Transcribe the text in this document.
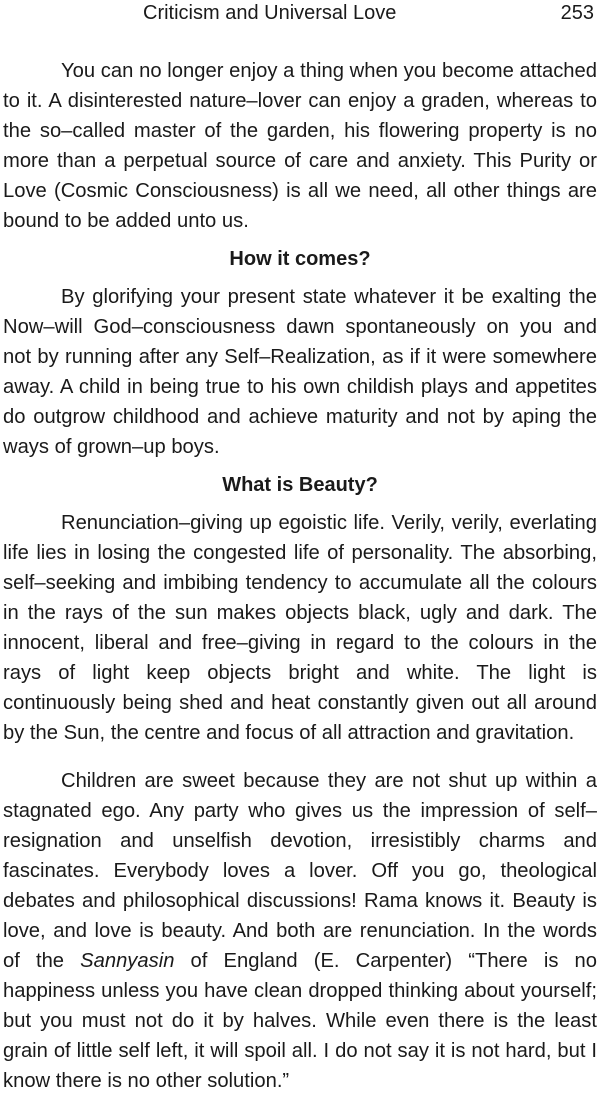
Criticism and Universal Love	253

You can no longer enjoy a thing when you become attached to it. A disinterested nature–lover can enjoy a graden, whereas to the so–called master of the garden, his flowering property is no more than a perpetual source of care and anxiety. This Purity or Love (Cosmic Consciousness) is all we need, all other things are bound to be added unto us.

How it comes?

By glorifying your present state whatever it be exalting the Now–will God–consciousness dawn spontaneously on you and not by running after any Self–Realization, as if it were somewhere away. A child in being true to his own childish plays and appetites do outgrow childhood and achieve maturity and not by aping the ways of grown–up boys.

What is Beauty?

Renunciation–giving up egoistic life. Verily, verily, everlating life lies in losing the congested life of personality. The absorbing, self–seeking and imbibing tendency to accumulate all the colours in the rays of the sun makes objects black, ugly and dark. The innocent, liberal and free–giving in regard to the colours in the rays of light keep objects bright and white. The light is continuously being shed and heat constantly given out all around by the Sun, the centre and focus of all attraction and gravitation.

Children are sweet because they are not shut up within a stagnated ego. Any party who gives us the impression of self–resignation and unselfish devotion, irresistibly charms and fascinates. Everybody loves a lover. Off you go, theological debates and philosophical discussions! Rama knows it. Beauty is love, and love is beauty. And both are renunciation. In the words of the Sannyasin of England (E. Carpenter) “There is no happiness unless you have clean dropped thinking about yourself; but you must not do it by halves. While even there is the least grain of little self left, it will spoil all. I do not say it is not hard, but I know there is no other solution.”
